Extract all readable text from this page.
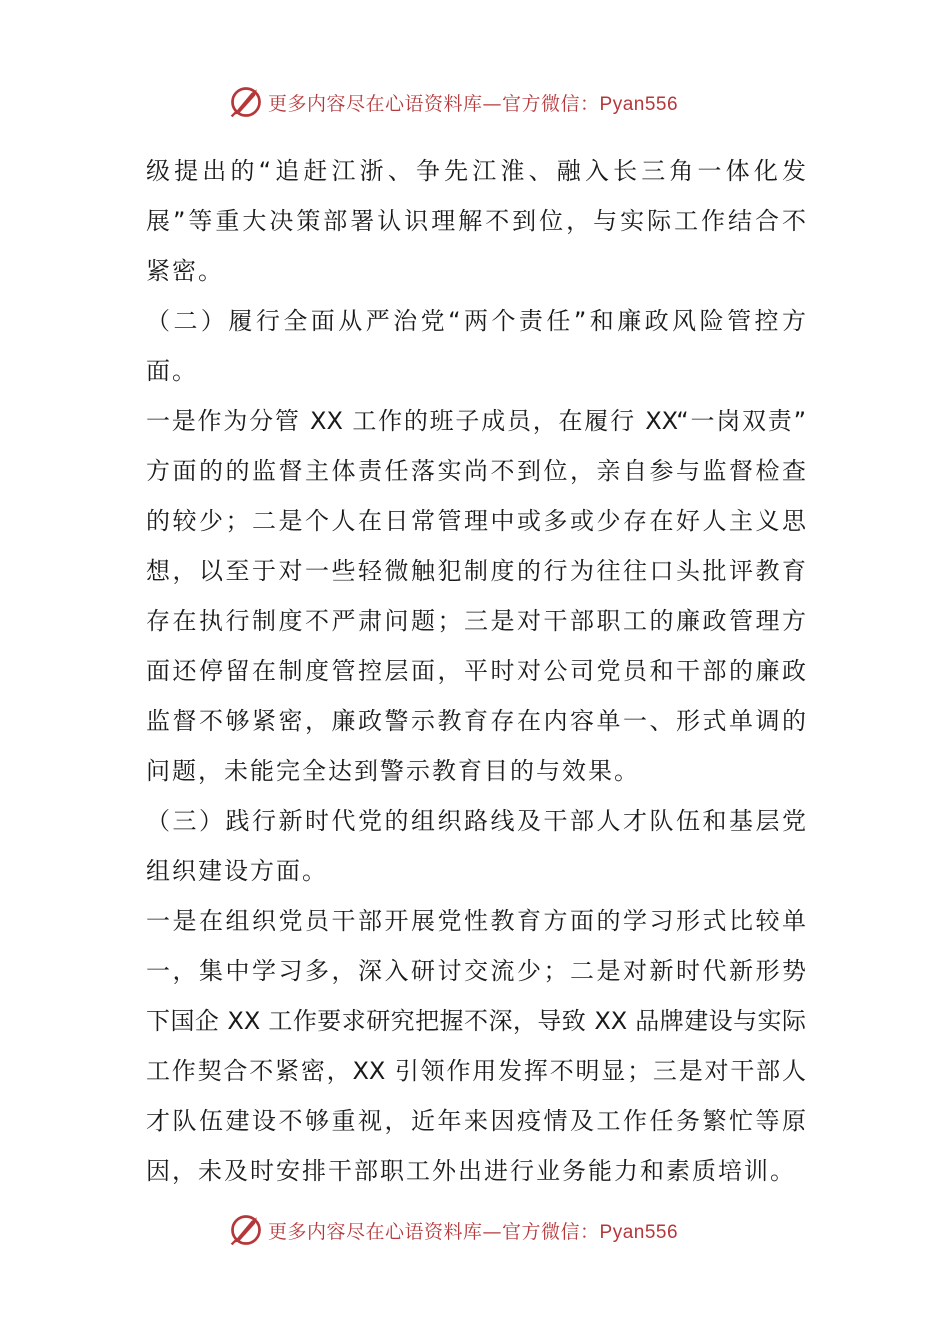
更多内容尽在心语资料库—官方微信：Pyan556
级提出的“追赶江浙、争先江淮、融入长三角一体化发
展”等重大决策部署认识理解不到位，与实际工作结合不
紧密。
（二）履行全面从严治党“两个责任”和廉政风险管控方
面。
一是作为分管 XX 工作的班子成员，在履行 XX“一岗双责”
方面的的监督主体责任落实尚不到位，亲自参与监督检查
的较少；二是个人在日常管理中或多或少存在好人主义思
想，以至于对一些轻微触犯制度的行为往往口头批评教育
存在执行制度不严肃问题；三是对干部职工的廉政管理方
面还停留在制度管控层面，平时对公司党员和干部的廉政
监督不够紧密，廉政警示教育存在内容单一、形式单调的
问题，未能完全达到警示教育目的与效果。
（三）践行新时代党的组织路线及干部人才队伍和基层党
组织建设方面。
一是在组织党员干部开展党性教育方面的学习形式比较单
一，集中学习多，深入研讨交流少；二是对新时代新形势
下国企 XX 工作要求研究把握不深，导致 XX 品牌建设与实际
工作契合不紧密，XX 引领作用发挥不明显；三是对干部人
才队伍建设不够重视，近年来因疫情及工作任务繁忙等原
因，未及时安排干部职工外出进行业务能力和素质培训。
更多内容尽在心语资料库—官方微信：Pyan556
